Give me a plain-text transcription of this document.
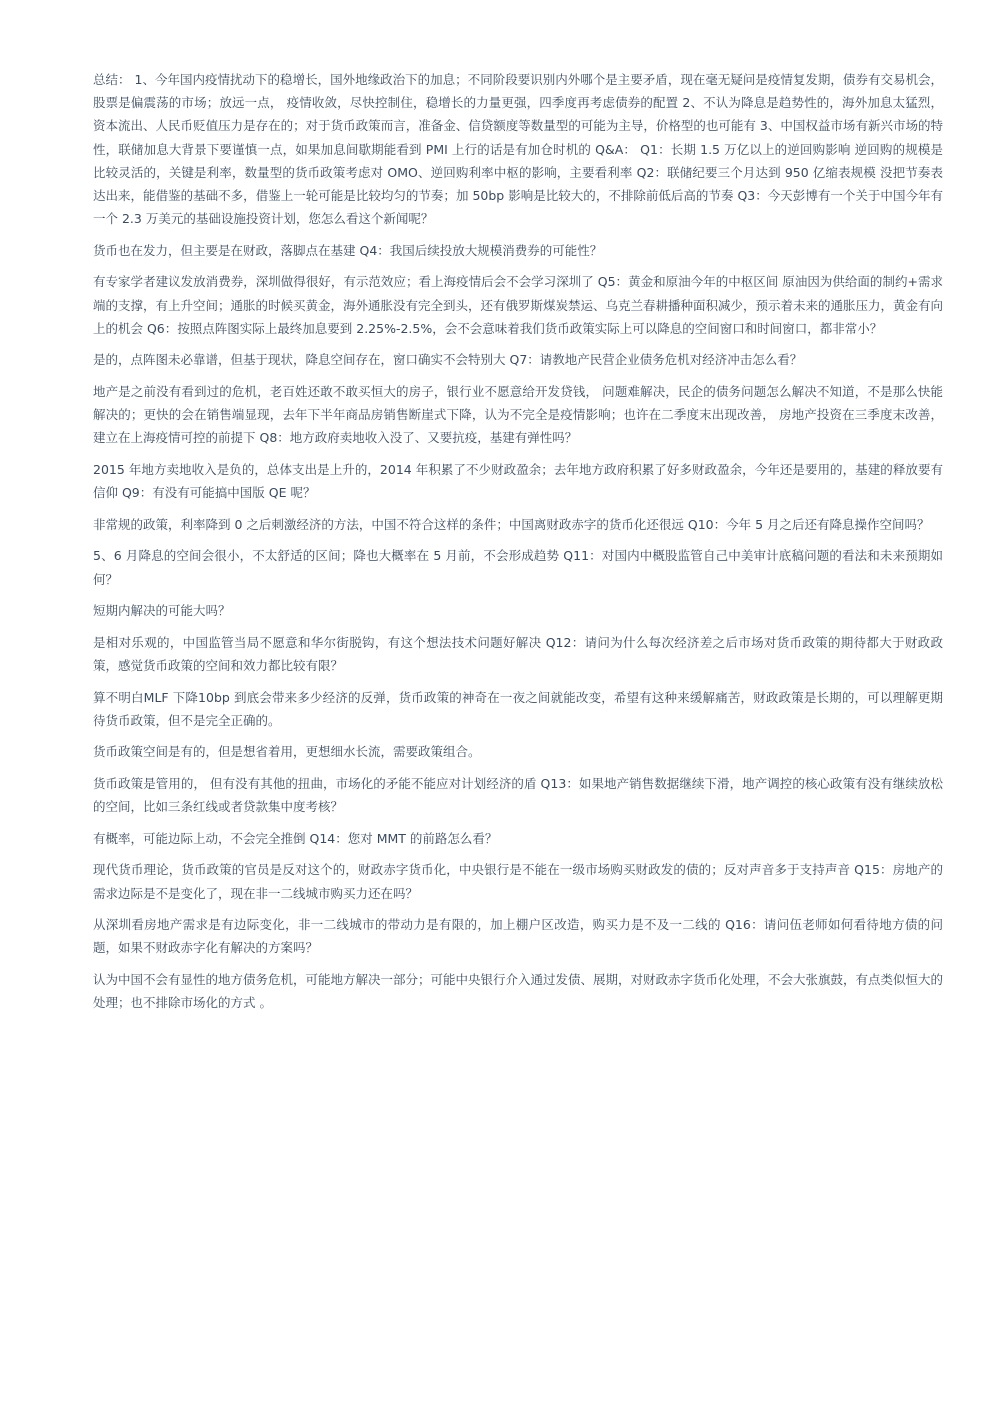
总结： 1、今年国内疫情扰动下的稳增长，国外地缘政治下的加息；不同阶段要识别内外哪个是主要矛盾，现在毫无疑问是疫情复发期，债券有交易机会，股票是偏震荡的市场；放远一点， 疫情收敛，尽快控制住，稳增长的力量更强，四季度再考虑债券的配置 2、不认为降息是趋势性的，海外加息太猛烈，资本流出、人民币贬值压力是存在的；对于货币政策而言，准备金、信贷额度等数量型的可能为主导，价格型的也可能有 3、中国权益市场有新兴市场的特性，联储加息大背景下要谨慎一点，如果加息间歇期能看到 PMI 上行的话是有加仓时机的 Q&A： Q1：长期 1.5 万亿以上的逆回购影响 逆回购的规模是比较灵活的，关键是利率，数量型的货币政策考虑对 OMO、逆回购利率中枢的影响，主要看利率 Q2：联储纪要三个月达到 950 亿缩表规模 没把节奏表达出来，能借鉴的基础不多，借鉴上一轮可能是比较均匀的节奏；加 50bp 影响是比较大的，不排除前低后高的节奏 Q3：今天彭博有一个关于中国今年有一个 2.3 万美元的基础设施投资计划，您怎么看这个新闻呢？

货币也在发力，但主要是在财政，落脚点在基建 Q4：我国后续投放大规模消费券的可能性？

有专家学者建议发放消费券，深圳做得很好，有示范效应；看上海疫情后会不会学习深圳了 Q5：黄金和原油今年的中枢区间 原油因为供给面的制约+需求端的支撑，有上升空间；通胀的时候买黄金，海外通胀没有完全到头，还有俄罗斯煤炭禁运、乌克兰春耕播种面积减少，预示着未来的通胀压力，黄金有向上的机会 Q6：按照点阵图实际上最终加息要到 2.25%-2.5%，会不会意味着我们货币政策实际上可以降息的空间窗口和时间窗口，都非常小？

是的，点阵图未必靠谱，但基于现状，降息空间存在，窗口确实不会特别大 Q7：请教地产民营企业债务危机对经济冲击怎么看？

地产是之前没有看到过的危机，老百姓还敢不敢买恒大的房子，银行业不愿意给开发贷钱， 问题难解决，民企的债务问题怎么解决不知道，不是那么快能解决的；更快的会在销售端显现，去年下半年商品房销售断崖式下降，认为不完全是疫情影响；也许在二季度末出现改善， 房地产投资在三季度末改善，建立在上海疫情可控的前提下 Q8：地方政府卖地收入没了、又要抗疫，基建有弹性吗？

2015 年地方卖地收入是负的，总体支出是上升的，2014 年积累了不少财政盈余；去年地方政府积累了好多财政盈余，今年还是要用的，基建的释放要有信仰 Q9：有没有可能搞中国版 QE 呢？

非常规的政策，利率降到 0 之后刺激经济的方法，中国不符合这样的条件；中国离财政赤字的货币化还很远 Q10：今年 5 月之后还有降息操作空间吗？

5、6 月降息的空间会很小，不太舒适的区间；降也大概率在 5 月前，不会形成趋势 Q11：对国内中概股监管自己中美审计底稿问题的看法和未来预期如何？

短期内解决的可能大吗？

是相对乐观的，中国监管当局不愿意和华尔街脱钩，有这个想法技术问题好解决 Q12：请问为什么每次经济差之后市场对货币政策的期待都大于财政政策，感觉货币政策的空间和效力都比较有限？

算不明白MLF 下降10bp 到底会带来多少经济的反弹，货币政策的神奇在一夜之间就能改变，希望有这种来缓解痛苦，财政政策是长期的，可以理解更期待货币政策，但不是完全正确的。

货币政策空间是有的，但是想省着用，更想细水长流，需要政策组合。

货币政策是管用的， 但有没有其他的扭曲，市场化的矛能不能应对计划经济的盾 Q13：如果地产销售数据继续下滑，地产调控的核心政策有没有继续放松的空间，比如三条红线或者贷款集中度考核？

有概率，可能边际上动，不会完全推倒 Q14：您对 MMT 的前路怎么看？

现代货币理论，货币政策的官员是反对这个的，财政赤字货币化，中央银行是不能在一级市场购买财政发的债的；反对声音多于支持声音 Q15：房地产的需求边际是不是变化了，现在非一二线城市购买力还在吗？

从深圳看房地产需求是有边际变化，非一二线城市的带动力是有限的，加上棚户区改造，购买力是不及一二线的 Q16：请问伍老师如何看待地方债的问题，如果不财政赤字化有解决的方案吗？

认为中国不会有显性的地方债务危机，可能地方解决一部分；可能中央银行介入通过发债、展期，对财政赤字货币化处理，不会大张旗鼓，有点类似恒大的处理；也不排除市场化的方式 。
